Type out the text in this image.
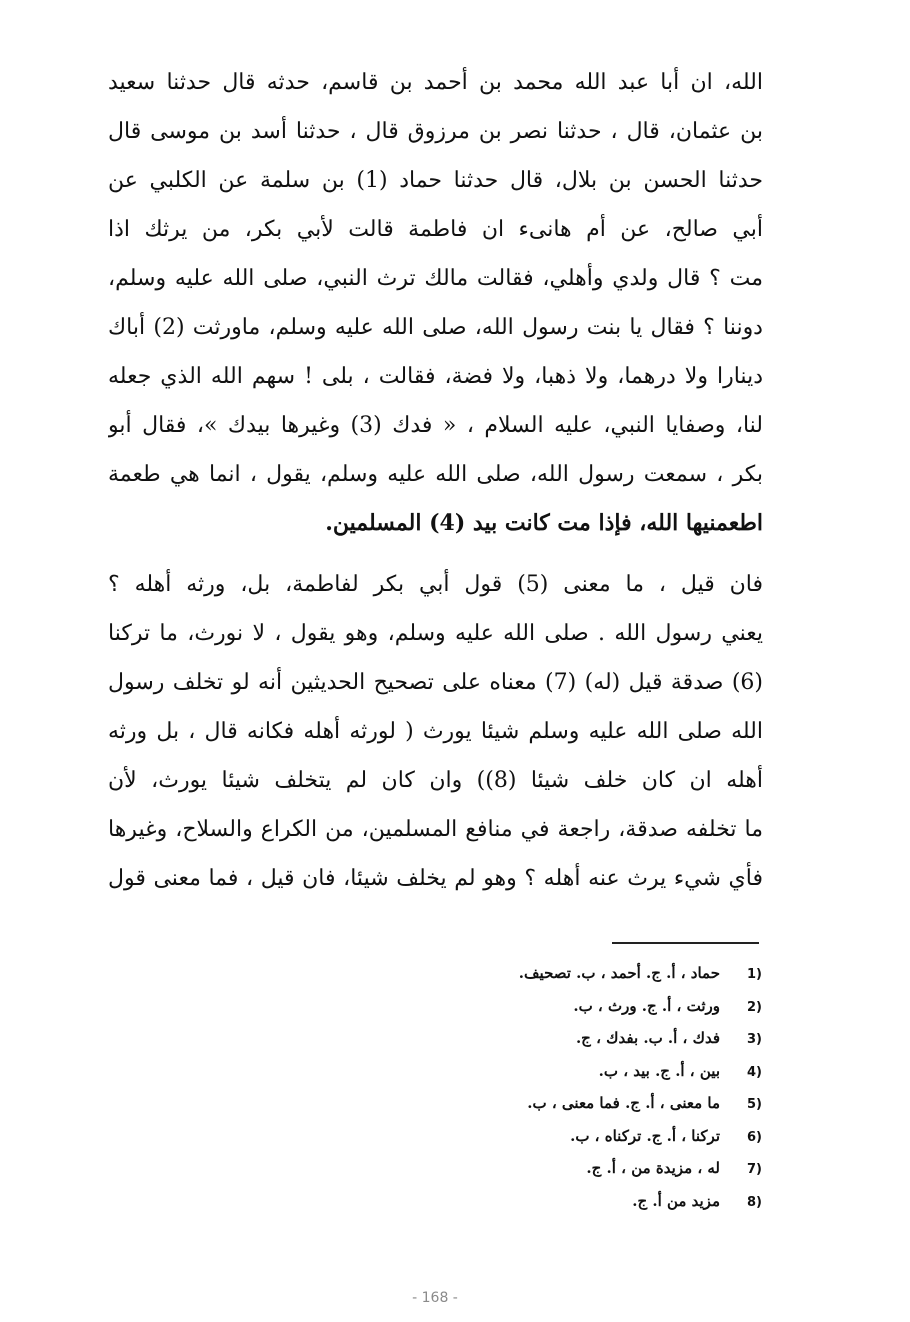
الله، ان أبا عبد الله محمد بن أحمد بن قاسم، حدثه قال حدثنا سعيد
بن عثمان، قال ، حدثنا نصر بن مرزوق قال ، حدثنا أسد بن موسى قال
حدثنا الحسن بن بلال، قال حدثنا حماد (1) بن سلمة عن الكلبي عن
أبي صالح، عن أم هانىء ان فاطمة قالت لأبي بكر، من يرثك اذا
مت ؟ قال ولدي وأهلي، فقالت مالك ترث النبي، صلى الله عليه وسلم،
دوننا ؟ فقال يا بنت رسول الله، صلى الله عليه وسلم، ماورثت (2) أباك
دينارا ولا درهما، ولا ذهبا، ولا فضة، فقالت ، بلى ! سهم الله الذي جعله
لنا، وصفايا النبي، عليه السلام ، « فدك (3) وغيرها بيدك »، فقال أبو
بكر ، سمعت رسول الله، صلى الله عليه وسلم، يقول ، انما هي طعمة
اطعمنيها الله، فإذا مت كانت بيد (4) المسلمين.

فان قيل ، ما معنى (5) قول أبي بكر لفاطمة، بل، ورثه أهله ؟
يعني رسول الله . صلى الله عليه وسلم، وهو يقول ، لا نورث، ما تركنا
(6) صدقة قيل (له) (7) معناه على تصحيح الحديثين أنه لو تخلف رسول
الله صلى الله عليه وسلم شيئا يورث ( لورثه أهله فكانه قال ، بل ورثه
أهله ان كان خلف شيئا (8)) وان كان لم يتخلف شيئا يورث، لأن
ما تخلفه صدقة، راجعة في منافع المسلمين، من الكراع والسلاح، وغيرها
فأي شيء يرث عنه أهله ؟ وهو لم يخلف شيئا، فان قيل ، فما معنى قول

(1
حماد ، أ. ج. أحمد ، ب. تصحيف.
(2
ورثت ، أ. ج. ورث ، ب.
(3
فدك ، أ. ب. بفدك ، ج.
(4
بين ، أ. ج. بيد ، ب.
(5
ما معنى ، أ. ج. فما معنى ، ب.
(6
تركنا ، أ. ج. تركناه ، ب.
(7
له ، مزيدة من ، أ. ج.
(8
مزيد من أ. ج.
- 168 -
